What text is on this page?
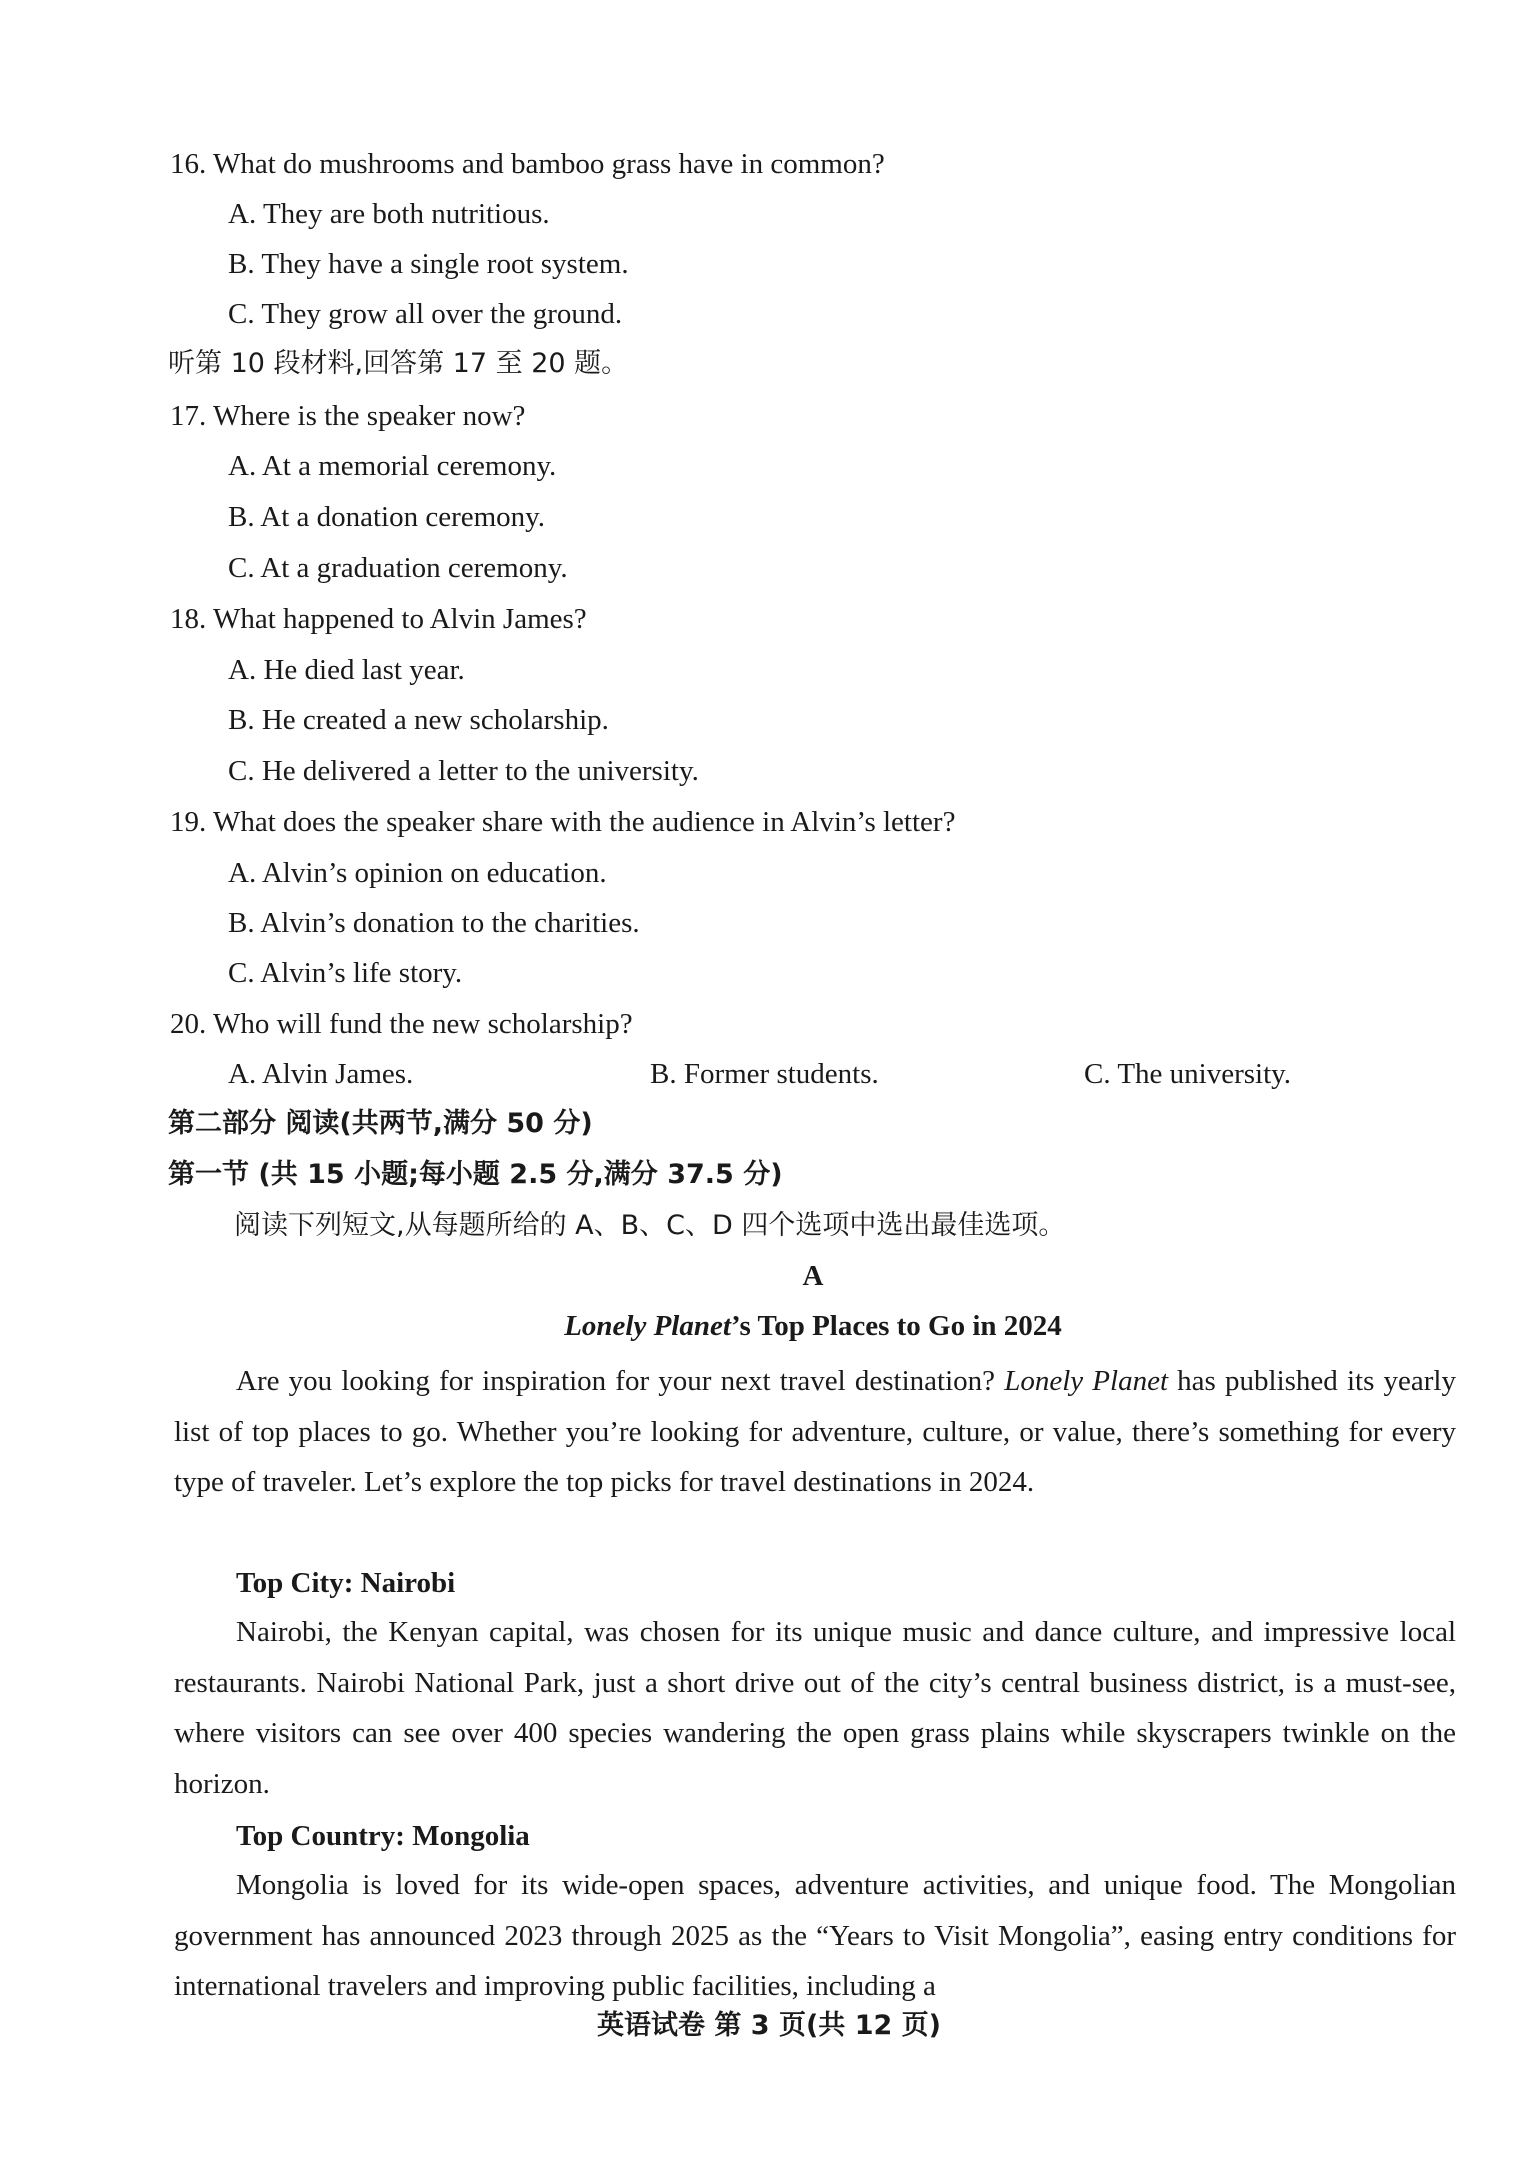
16. What do mushrooms and bamboo grass have in common?
A. They are both nutritious.
B. They have a single root system.
C. They grow all over the ground.
听第 10 段材料,回答第 17 至 20 题。
17. Where is the speaker now?
A. At a memorial ceremony.
B. At a donation ceremony.
C. At a graduation ceremony.
18. What happened to Alvin James?
A. He died last year.
B. He created a new scholarship.
C. He delivered a letter to the university.
19. What does the speaker share with the audience in Alvin’s letter?
A. Alvin’s opinion on education.
B. Alvin’s donation to the charities.
C. Alvin’s life story.
20. Who will fund the new scholarship?
A. Alvin James.	B. Former students.	C. The university.
第二部分 阅读(共两节,满分 50 分)
第一节 (共 15 小题;每小题 2.5 分,满分 37.5 分)
阅读下列短文,从每题所给的 A、B、C、D 四个选项中选出最佳选项。
A
Lonely Planet’s Top Places to Go in 2024
Are you looking for inspiration for your next travel destination? Lonely Planet has published its yearly list of top places to go. Whether you’re looking for adventure, culture, or value, there’s something for every type of traveler. Let’s explore the top picks for travel destinations in 2024.
Top City: Nairobi
Nairobi, the Kenyan capital, was chosen for its unique music and dance culture, and impressive local restaurants. Nairobi National Park, just a short drive out of the city’s central business district, is a must-see, where visitors can see over 400 species wandering the open grass plains while skyscrapers twinkle on the horizon.
Top Country: Mongolia
Mongolia is loved for its wide-open spaces, adventure activities, and unique food. The Mongolian government has announced 2023 through 2025 as the “Years to Visit Mongolia”, easing entry conditions for international travelers and improving public facilities, including a
英语试卷 第 3 页(共 12 页)
